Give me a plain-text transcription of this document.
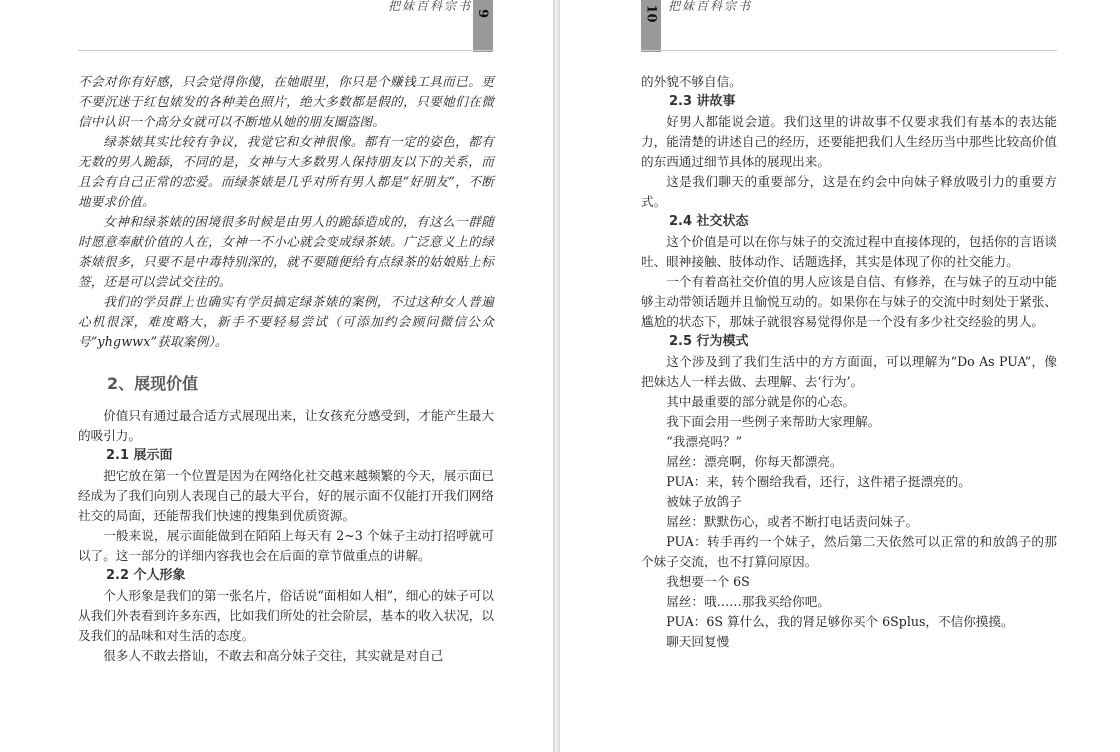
把妹百科宗书
9

不会对你有好感，只会觉得你傻，在她眼里，你只是个赚钱工具而已。更不要沉迷于红包婊发的各种美色照片，绝大多数都是假的，只要她们在微信中认识一个高分女就可以不断地从她的朋友圈盗图。

绿茶婊其实比较有争议，我觉它和女神很像。都有一定的姿色，都有无数的男人跪舔，不同的是，女神与大多数男人保持朋友以下的关系，而且会有自己正常的恋爱。而绿茶婊是几乎对所有男人都是“好朋友”，不断地要求价值。

女神和绿茶婊的困境很多时候是由男人的跪舔造成的，有这么一群随时愿意奉献价值的人在，女神一不小心就会变成绿茶婊。广泛意义上的绿茶婊很多，只要不是中毒特别深的，就不要随便给有点绿茶的姑娘贴上标签，还是可以尝试交往的。

我们的学员群上也确实有学员搞定绿茶婊的案例，不过这种女人普遍心机很深，难度略大，新手不要轻易尝试（可添加约会顾问微信公众号“yhgwwx”获取案例）。

2、展现价值

价值只有通过最合适方式展现出来，让女孩充分感受到，才能产生最大的吸引力。

2.1 展示面

把它放在第一个位置是因为在网络化社交越来越频繁的今天，展示面已经成为了我们向别人表现自己的最大平台，好的展示面不仅能打开我们网络社交的局面，还能帮我们快速的搜集到优质资源。

一般来说，展示面能做到在陌陌上每天有 2~3 个妹子主动打招呼就可以了。这一部分的详细内容我也会在后面的章节做重点的讲解。

2.2 个人形象

个人形象是我们的第一张名片，俗话说“面相如人相”，细心的妹子可以从我们外表看到许多东西，比如我们所处的社会阶层，基本的收入状况，以及我们的品味和对生活的态度。

很多人不敢去搭讪，不敢去和高分妹子交往，其实就是对自己

10 把妹百科宗书

的外貌不够自信。

2.3 讲故事

好男人都能说会道。我们这里的讲故事不仅要求我们有基本的表达能力，能清楚的讲述自己的经历，还要能把我们人生经历当中那些比较高价值的东西通过细节具体的展现出来。

这是我们聊天的重要部分，这是在约会中向妹子释放吸引力的重要方式。

2.4 社交状态

这个价值是可以在你与妹子的交流过程中直接体现的，包括你的言语谈吐、眼神接触、肢体动作、话题选择，其实是体现了你的社交能力。

一个有着高社交价值的男人应该是自信、有修养，在与妹子的互动中能够主动带领话题并且愉悦互动的。如果你在与妹子的交流中时刻处于紧张、尴尬的状态下，那妹子就很容易觉得你是一个没有多少社交经验的男人。

2.5 行为模式

这个涉及到了我们生活中的方方面面，可以理解为“Do As PUA”，像把妹达人一样去做、去理解、去‘行为’。

其中最重要的部分就是你的心态。

我下面会用一些例子来帮助大家理解。

“我漂亮吗？”

屌丝：漂亮啊，你每天都漂亮。

PUA：来，转个圈给我看，还行，这件裙子挺漂亮的。

被妹子放鸽子

屌丝：默默伤心，或者不断打电话责问妹子。

PUA：转手再约一个妹子，然后第二天依然可以正常的和放鸽子的那个妹子交流，也不打算问原因。

我想要一个 6S

屌丝：哦……那我买给你吧。

PUA：6S 算什么，我的肾足够你买个 6Splus，不信你摸摸。

聊天回复慢
